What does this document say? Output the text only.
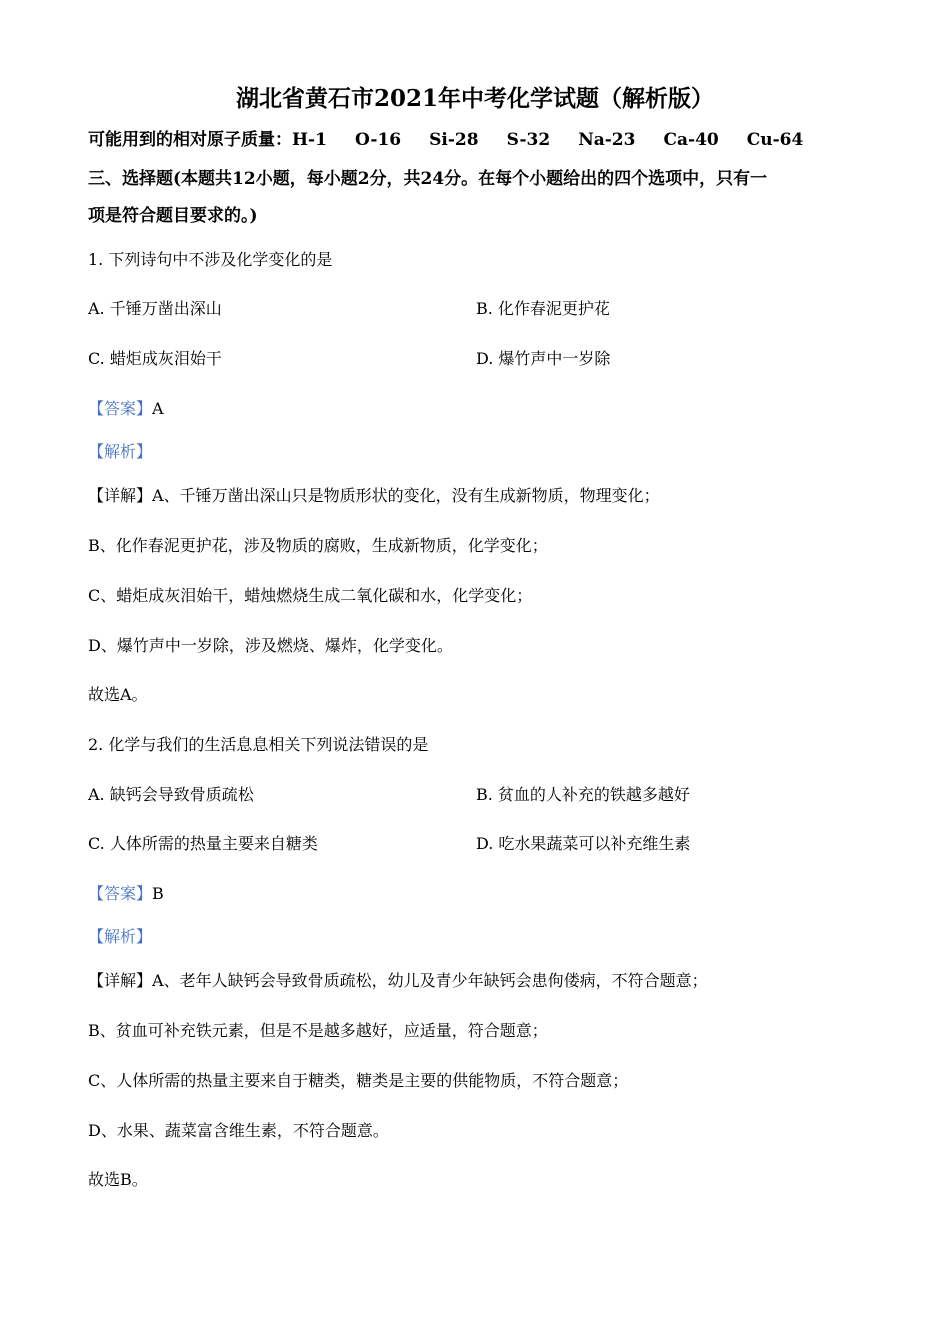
湖北省黄石市2021年中考化学试题（解析版）
可能用到的相对原子质量：H-1 O-16 Si-28 S-32 Na-23 Ca-40 Cu-64
三、选择题(本题共12小题，每小题2分，共24分。在每个小题给出的四个选项中，只有一
项是符合题目要求的。)
1. 下列诗句中不涉及化学变化的是
A. 千锤万凿出深山	B. 化作春泥更护花
C. 蜡炬成灰泪始干	D. 爆竹声中一岁除
【答案】A
【解析】
【详解】A、千锤万凿出深山只是物质形状的变化，没有生成新物质，物理变化；
B、化作春泥更护花，涉及物质的腐败，生成新物质，化学变化；
C、蜡炬成灰泪始干，蜡烛燃烧生成二氧化碳和水，化学变化；
D、爆竹声中一岁除，涉及燃烧、爆炸，化学变化。
故选A。
2. 化学与我们的生活息息相关下列说法错误的是
A. 缺钙会导致骨质疏松	B. 贫血的人补充的铁越多越好
C. 人体所需的热量主要来自糖类	D. 吃水果蔬菜可以补充维生素
【答案】B
【解析】
【详解】A、老年人缺钙会导致骨质疏松，幼儿及青少年缺钙会患佝偻病，不符合题意；
B、贫血可补充铁元素，但是不是越多越好，应适量，符合题意；
C、人体所需的热量主要来自于糖类，糖类是主要的供能物质，不符合题意；
D、水果、蔬菜富含维生素，不符合题意。
故选B。
